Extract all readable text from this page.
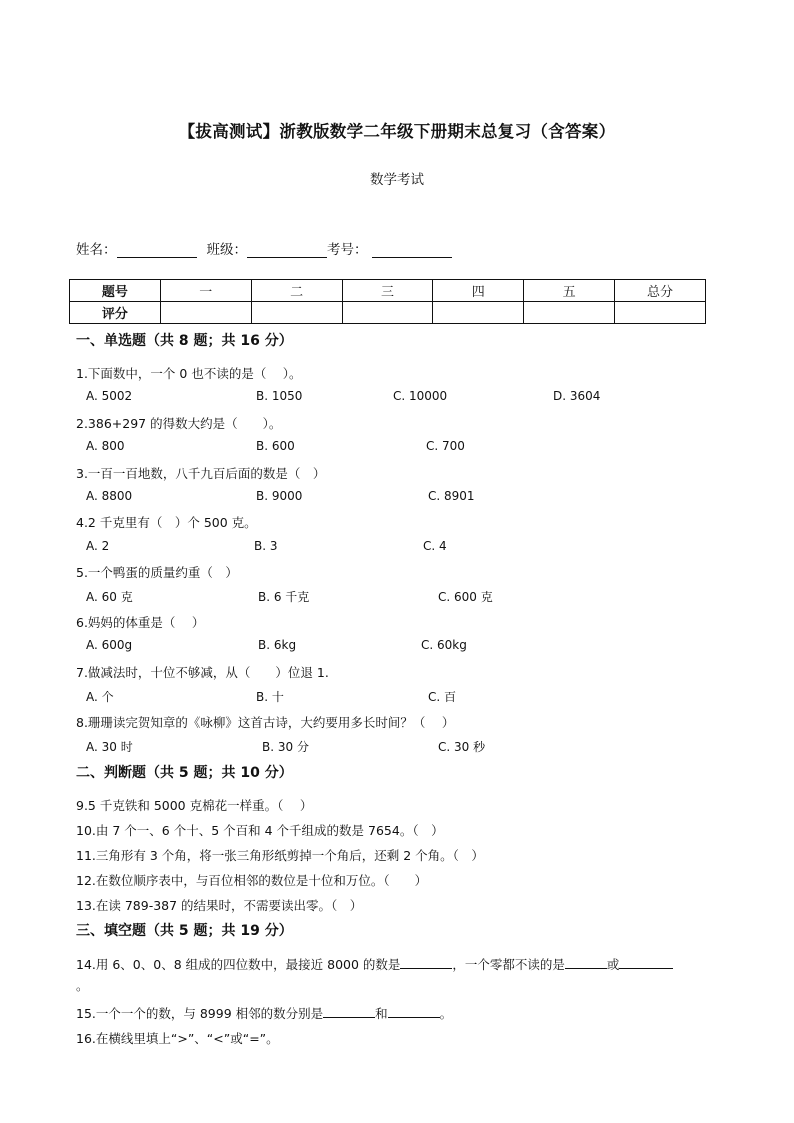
【拔高测试】浙教版数学二年级下册期末总复习（含答案）
数学考试
姓名：	班级：	考号：
题号	一	二	三	四	五	总分
评分						
一、单选题（共 8 题；共 16 分）
1.下面数中，一个 0 也不读的是（　 ）。
A. 5002	B. 1050	C. 10000	D. 3604
2.386+297 的得数大约是（　　）。
A. 800	B. 600	C. 700
3.一百一百地数，八千九百后面的数是（　）
A. 8800	B. 9000	C. 8901
4.2 千克里有（　）个 500 克。
A. 2	B. 3	C. 4
5.一个鸭蛋的质量约重（　）
A. 60 克	B. 6 千克	C. 600 克
6.妈妈的体重是（　 ）
A. 600g	B. 6kg	C. 60kg
7.做减法时，十位不够减，从（　　）位退 1.
A. 个	B. 十	C. 百
8.珊珊读完贺知章的《咏柳》这首古诗，大约要用多长时间？（　 ）
A. 30 时	B. 30 分	C. 30 秒
二、判断题（共 5 题；共 10 分）
9.5 千克铁和 5000 克棉花一样重。（　 ）
10.由 7 个一、6 个十、5 个百和 4 个千组成的数是 7654。（　）
11.三角形有 3 个角，将一张三角形纸剪掉一个角后，还剩 2 个角。（　）
12.在数位顺序表中，与百位相邻的数位是十位和万位。（　　）
13.在读 789-387 的结果时，不需要读出零。（　）
三、填空题（共 5 题；共 19 分）
14.用 6、0、0、8 组成的四位数中，最接近 8000 的数是	，一个零都不读的是	或
。
15.一个一个的数，与 8999 相邻的数分别是	和	。
16.在横线里填上“>”、“<”或“=”。
